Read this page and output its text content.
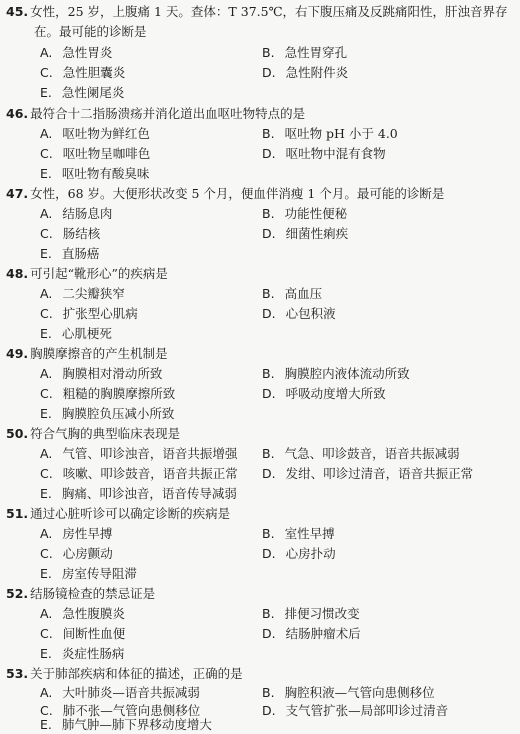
45. 女性，25 岁，上腹痛 1 天。查体：T 37.5℃，右下腹压痛及反跳痛阳性，肝浊音界存
在。最可能的诊断是
A. 急性胃炎	B. 急性胃穿孔
C. 急性胆囊炎	D. 急性附件炎
E. 急性阑尾炎
46. 最符合十二指肠溃疡并消化道出血呕吐物特点的是
A. 呕吐物为鲜红色	B. 呕吐物 pH 小于 4.0
C. 呕吐物呈咖啡色	D. 呕吐物中混有食物
E. 呕吐物有酸臭味
47. 女性，68 岁。大便形状改变 5 个月，便血伴消瘦 1 个月。最可能的诊断是
A. 结肠息肉	B. 功能性便秘
C. 肠结核	D. 细菌性痢疾
E. 直肠癌
48. 可引起“靴形心”的疾病是
A. 二尖瓣狭窄	B. 高血压
C. 扩张型心肌病	D. 心包积液
E. 心肌梗死
49. 胸膜摩擦音的产生机制是
A. 胸膜相对滑动所致	B. 胸膜腔内液体流动所致
C. 粗糙的胸膜摩擦所致	D. 呼吸动度增大所致
E. 胸膜腔负压减小所致
50. 符合气胸的典型临床表现是
A. 气管、叩诊浊音，语音共振增强 B. 气急、叩诊鼓音，语音共振减弱
C. 咳嗽、叩诊鼓音，语音共振正常 D. 发绀、叩诊过清音，语音共振正常
E. 胸痛、叩诊浊音，语音传导减弱
51. 通过心脏听诊可以确定诊断的疾病是
A. 房性早搏	B. 室性早搏
C. 心房颤动	D. 心房扑动
E. 房室传导阻滞
52. 结肠镜检查的禁忌证是
A. 急性腹膜炎	B. 排便习惯改变
C. 间断性血便	D. 结肠肿瘤术后
E. 炎症性肠病
53. 关于肺部疾病和体征的描述，正确的是
A. 大叶肺炎—语音共振减弱	B. 胸腔积液—气管向患侧移位
C. 肺不张—气管向患侧移位	D. 支气管扩张—局部叩诊过清音
E. 肺气肿—肺下界移动度增大
